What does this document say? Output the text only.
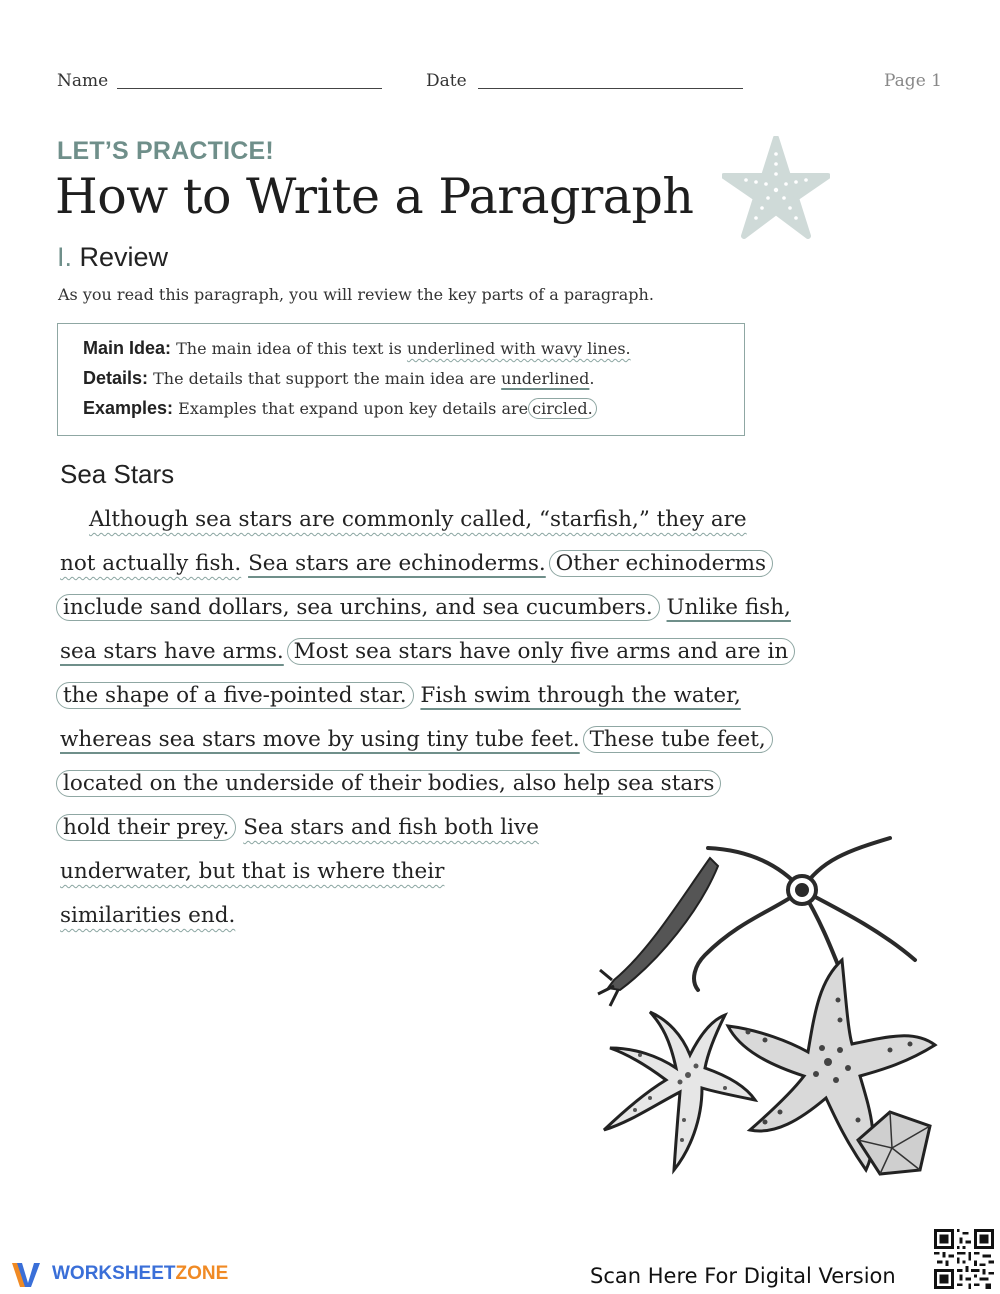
Name	Date	Page 1
LET’S PRACTICE!
How to Write a Paragraph
I. Review
As you read this paragraph, you will review the key parts of a paragraph.
Main Idea: The main idea of this text is underlined with wavy lines.
Details: The details that support the main idea are underlined.
Examples: Examples that expand upon key details are circled.
Sea Stars
Although sea stars are commonly called, “starfish,” they are
not actually fish. Sea stars are echinoderms. Other echinoderms
include sand dollars, sea urchins, and sea cucumbers. Unlike fish,
sea stars have arms. Most sea stars have only five arms and are in
the shape of a five-pointed star. Fish swim through the water,
whereas sea stars move by using tiny tube feet. These tube feet,
located on the underside of their bodies, also help sea stars
hold their prey. Sea stars and fish both live
underwater, but that is where their
similarities end.
WORKSHEETZONE	Scan Here For Digital Version
